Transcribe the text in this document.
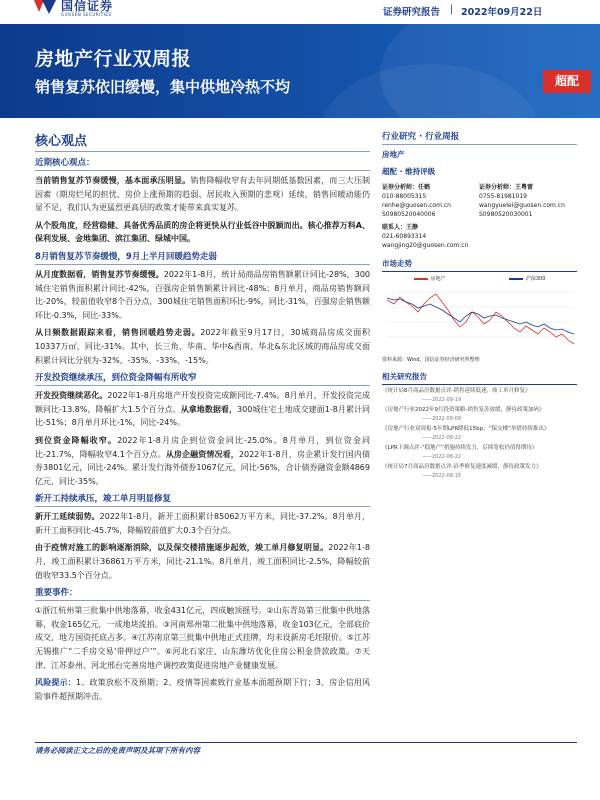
国信证券
GUOSEN SECURITIES	证券研究报告 | 2022年09月22日
房地产行业双周报
销售复苏依旧缓慢，集中供地冷热不均	超配
核心观点
近期核心观点：

当前销售复苏节奏缓慢，基本面承压明显。销售降幅收窄有去年同期低基数因素，而三大压制因素（期房烂尾的担忧、房价上涨预期的趋弱、居民收入预期的悲观）延续，销售回暖动能仍显不足，我们认为更猛烈更高层的政策才能带来真实复苏。

从个股角度，经营稳健、具备优秀品质的房企将更快从行业低谷中脱颖而出。核心推荐万科A、保利发展、金地集团、滨江集团、绿城中国。

8月销售复苏节奏缓慢，9月上半月回暖趋势走弱

从月度数据看，销售复苏节奏缓慢。2022年1-8月，统计局商品房销售额累计同比-28%，300城住宅销售面积累计同比-42%，百强房企销售额累计同比-48%；8月单月，商品房销售额同比-20%，较前值收窄8个百分点，300城住宅销售面积环比-9%，同比-31%，百强房企销售额环比-0.3%，同比-33%。

从日频数据跟踪来看，销售回暖趋势走弱。2022年截至9月17日，30城商品房成交面积10337万㎡，同比-31%。其中，长三角、华南、华中&西南、华北&东北区域的商品房成交面积累计同比分别为-32%、-35%、-33%、-15%。

开发投资继续承压，到位资金降幅有所收窄

开发投资继续恶化。2022年1-8月房地产开发投资完成额同比-7.4%。8月单月，开发投资完成额同比-13.8%，降幅扩大1.5个百分点。从拿地数据看，300城住宅土地成交建面1-8月累计同比-51%；8月单月环比-1%，同比-24%。

到位资金降幅收窄。2022年1-8月房企到位资金同比-25.0%。8月单月，到位资金同比-21.7%，降幅收窄4.1个百分点。从房企融资情况看，2022年1-8月，房企累计发行国内债券3801亿元，同比-24%。累计发行海外债券1067亿元，同比-56%，合计债券融资金额4869亿元，同比-35%。

新开工持续承压，竣工单月明显修复

新开工延续弱势。2022年1-8月，新开工面积累计85062万平方米，同比-37.2%。8月单月，新开工面积同比-45.7%，降幅较前值扩大0.3个百分点。

由于疫情对施工的影响逐渐消除，以及保交楼措施逐步起效，竣工单月修复明显。2022年1-8月，竣工面积累计36861万平方米，同比-21.1%。8月单月，竣工面积同比-2.5%，降幅较前值收窄33.5个百分点。

重要事件：

①浙江杭州第三批集中供地落幕，收金431亿元，四成触顶摇号。②山东青岛第三批集中供地落幕，收金165亿元，一成地块流拍。③河南郑州第二批集中供地落幕，收金103亿元，全部底价成交，地方国资托底占多。④江苏南京第三批集中供地正式挂牌，均未设新房毛坯限价。⑤江苏无锡推广“二手房交易‘带押过户’”。⑥河北石家庄、山东潍坊优化住房公积金贷款政策。⑦天津、江苏泰州、河北邢台完善房地产调控政策促进房地产业健康发展。

风险提示：1、政策放松不及预期；2、疫情等因素致行业基本面超预期下行；3、房企信用风险事件超预期冲击。

行业研究 · 行业周报
房地产
超配 · 维持评级
证券分析师：任鹤
010-88005315
renhe@guosen.com.cn
S0980520040006
证券分析师：王粤雷
0755-81981019
wangyuelei@guosen.com.cn
S0980520030001
联系人：王静
021-60893314
wangjing20@guosen.com.cn
市场走势
房地产	沪深300
资料来源：Wind、国信证券经济研究所整理
相关研究报告
《统计局8月商品房数据点评-销售延续低迷，竣工单月修复》
——2022-09-19
《房地产行业2022年9月投资策略-销售复苏放缓，静待政策加码》
——2022-09-09
《房地产行业双周报-5年期LPR降低15bp，“保交楼”举措持续推出》
——2022-08-22
《LPR下调点评-“稳地产”措施持续发力，后续宽松仍值得期待》
——2022-08-22
《统计局7月商品房数据点评-沿季修复速度减缓，静待政策发力》
——2022-08-15
请务必阅读正文之后的免责声明及其项下所有内容
